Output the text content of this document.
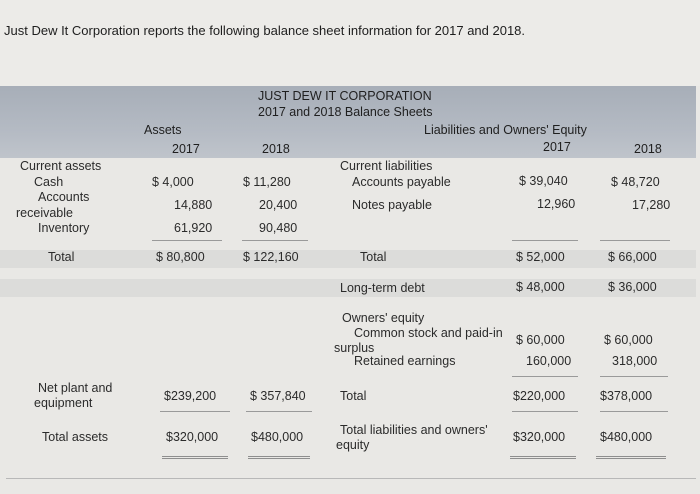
Just Dew It Corporation reports the following balance sheet information for 2017 and 2018.
JUST DEW IT CORPORATION
2017 and 2018 Balance Sheets
Assets	Liabilities and Owners' Equity
2017	2018	2017	2018
Current assets
Cash	$ 4,000	$ 11,280
Accounts
receivable
14,880	20,400
Inventory	61,920	90,480
Total	$ 80,800	$ 122,160
Net plant and
equipment	$239,200	$ 357,840
Total assets	$320,000	$480,000
Current liabilities
Accounts payable	$ 39,040	$ 48,720
Notes payable	12,960	17,280
Total	$ 52,000	$ 66,000
Long-term debt	$ 48,000	$ 36,000
Owners' equity
Common stock and paid-in
surplus
$ 60,000	$ 60,000
Retained earnings	160,000	318,000
Total	$220,000	$378,000
Total liabilities and owners'
equity
$320,000	$480,000
